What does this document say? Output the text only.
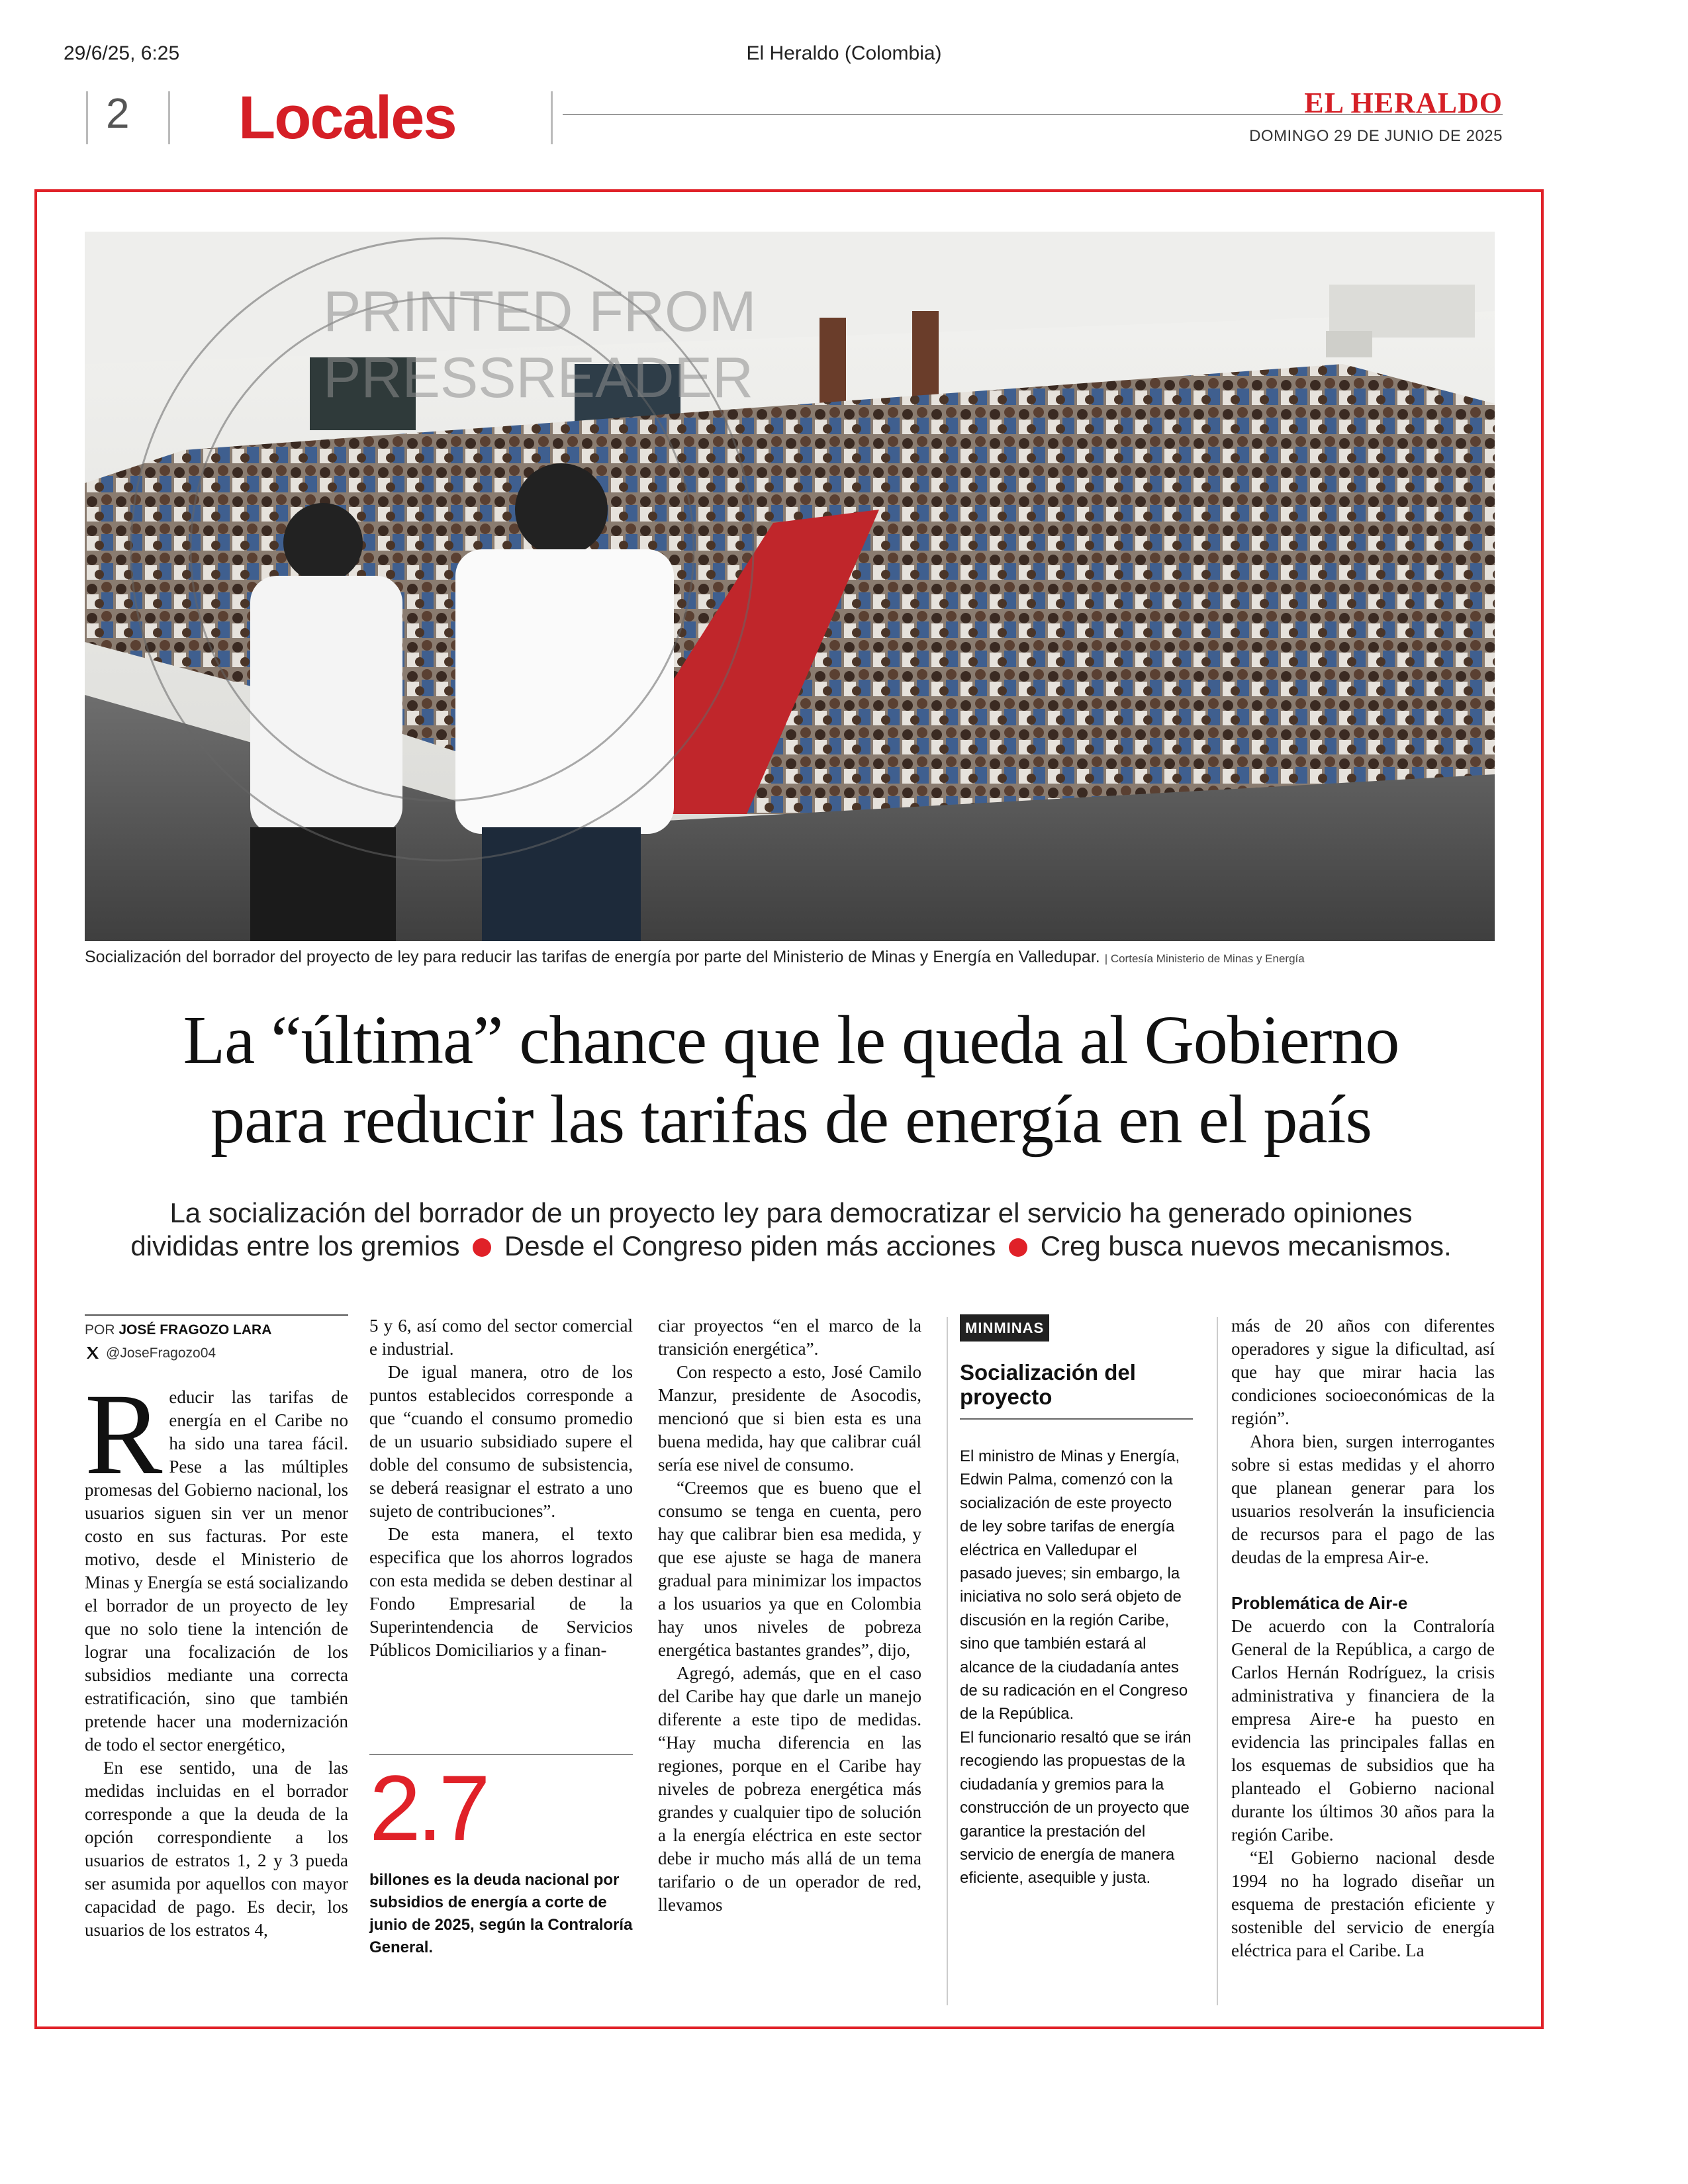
29/6/25, 6:25	El Heraldo (Colombia)
2 Locales	EL HERALDO
DOMINGO 29 DE JUNIO DE 2025
PRINTED FROM
PRESSREADER
Socialización del borrador del proyecto de ley para reducir las tarifas de energía por parte del Ministerio de Minas y Energía en Valledupar. | Cortesía Ministerio de Minas y Energía
La “última” chance que le queda al Gobierno
para reducir las tarifas de energía en el país
La socialización del borrador de un proyecto ley para democratizar el servicio ha generado opiniones
divididas entre los gremios Desde el Congreso piden más acciones Creg busca nuevos mecanismos.
POR JOSÉ FRAGOZO LARA
@JoseFragozo04

Reducir las tarifas de energía en el Caribe no ha sido una tarea fácil. Pese a las múltiples promesas del Gobierno nacional, los usuarios siguen sin ver un menor costo en sus facturas. Por este motivo, desde el Ministerio de Minas y Energía se está socializando el borrador de un proyecto de ley que no solo tiene la intención de lograr una focalización de los subsidios mediante una correcta estratificación, sino que también pretende hacer una modernización de todo el sector energético,

En ese sentido, una de las medidas incluidas en el borrador corresponde a que la deuda de la opción correspondiente a los usuarios de estratos 1, 2 y 3 pueda ser asumida por aquellos con mayor capacidad de pago. Es decir, los usuarios de los estratos 4,

5 y 6, así como del sector comercial e industrial.

De igual manera, otro de los puntos establecidos corresponde a que “cuando el consumo promedio de un usuario subsidiado supere el doble del consumo de subsistencia, se deberá reasignar el estrato a uno sujeto de contribuciones”.

De esta manera, el texto especifica que los ahorros logrados con esta medida se deben destinar al Fondo Empresarial de la Superintendencia de Servicios Públicos Domiciliarios y a finan-

2.7
billones es la deuda nacional por subsidios de energía a corte de junio de 2025, según la Contraloría General.

ciar proyectos “en el marco de la transición energética”.

Con respecto a esto, José Camilo Manzur, presidente de Asocodis, mencionó que si bien esta es una buena medida, hay que calibrar cuál sería ese nivel de consumo.

“Creemos que es bueno que el consumo se tenga en cuenta, pero hay que calibrar bien esa medida, y que ese ajuste se haga de manera gradual para minimizar los impactos a los usuarios ya que en Colombia hay unos niveles de pobreza energética bastantes grandes”, dijo,

Agregó, además, que en el caso del Caribe hay que darle un manejo diferente a este tipo de medidas. “Hay mucha diferencia en las regiones, porque en el Caribe hay niveles de pobreza energética más grandes y cualquier tipo de solución a la energía eléctrica en este sector debe ir mucho más allá de un tema tarifario o de un operador de red, llevamos

MINMINAS
Socialización del proyecto
El ministro de Minas y Energía, Edwin Palma, comenzó con la socialización de este proyecto de ley sobre tarifas de energía eléctrica en Valledupar el pasado jueves; sin embargo, la iniciativa no solo será objeto de discusión en la región Caribe, sino que también estará al alcance de la ciudadanía antes de su radicación en el Congreso de la República.
El funcionario resaltó que se irán recogiendo las propuestas de la ciudadanía y gremios para la construcción de un proyecto que garantice la prestación del servicio de energía de manera eficiente, asequible y justa.

más de 20 años con diferentes operadores y sigue la dificultad, así que hay que mirar hacia las condiciones socioeconómicas de la región”.

Ahora bien, surgen interrogantes sobre si estas medidas y el ahorro que planean generar para los usuarios resolverán la insuficiencia de recursos para el pago de las deudas de la empresa Air-e.

Problemática de Air-e

De acuerdo con la Contraloría General de la República, a cargo de Carlos Hernán Rodríguez, la crisis administrativa y financiera de la empresa Aire-e ha puesto en evidencia las principales fallas en los esquemas de subsidios que ha planteado el Gobierno nacional durante los últimos 30 años para la región Caribe.

“El Gobierno nacional desde 1994 no ha logrado diseñar un esquema de prestación eficiente y sostenible del servicio de energía eléctrica para el Caribe. La
